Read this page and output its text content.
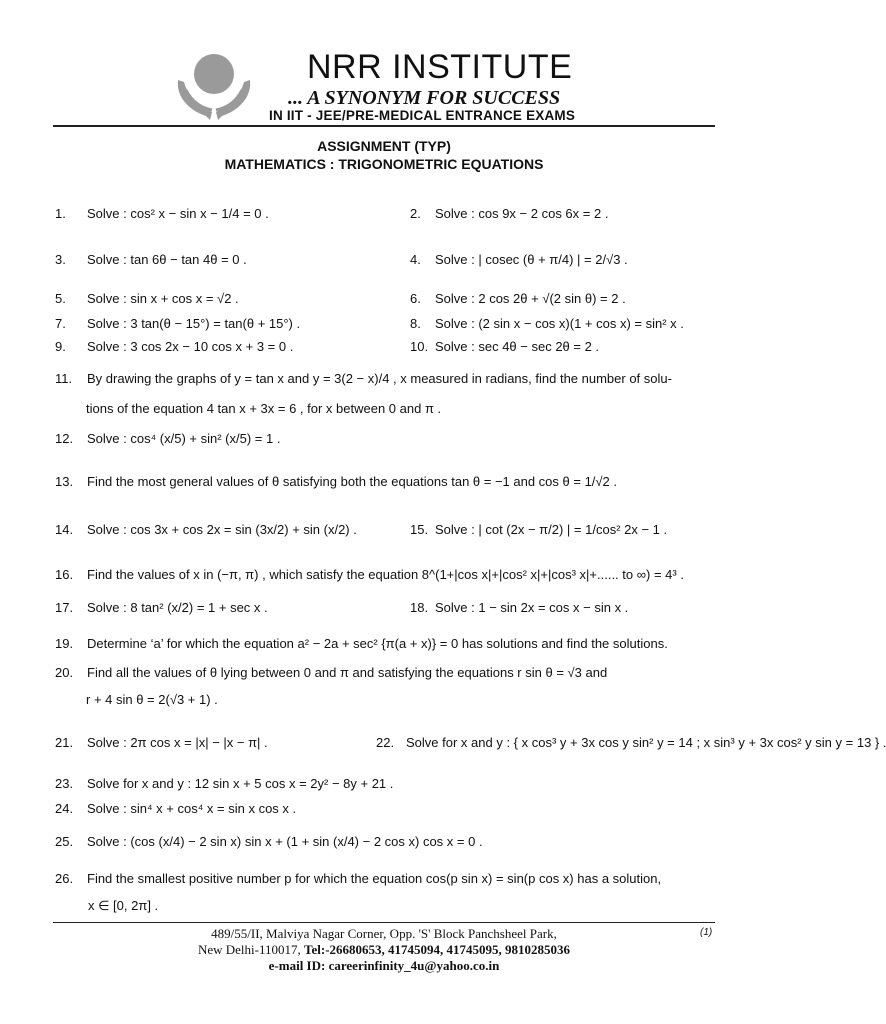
NRR INSTITUTE
... A SYNONYM FOR SUCCESS
IN IIT - JEE/PRE-MEDICAL ENTRANCE EXAMS
ASSIGNMENT (TYP)
MATHEMATICS : TRIGONOMETRIC EQUATIONS
1. Solve : cos² x − sin x − 1/4 = 0 .	2. Solve : cos 9x − 2 cos 6x = 2 .
3. Solve : tan 6θ − tan 4θ = 0 .	4. Solve : | cosec (θ + π/4) | = 2/√3 .
5. Solve : sin x + cos x = √2 .	6. Solve : 2 cos 2θ + √(2 sin θ) = 2 .
7. Solve : 3 tan(θ − 15°) = tan(θ + 15°) .	8. Solve : (2 sin x − cos x)(1 + cos x) = sin² x .
9. Solve : 3 cos 2x − 10 cos x + 3 = 0 .	10. Solve : sec 4θ − sec 2θ = 2 .
11. By drawing the graphs of y = tan x and y = 3(2 − x)/4 , x measured in radians, find the number of solu-
tions of the equation 4 tan x + 3x = 6 , for x between 0 and π .
12. Solve : cos⁴ (x/5) + sin² (x/5) = 1 .
13. Find the most general values of θ satisfying both the equations tan θ = −1 and cos θ = 1/√2 .
14. Solve : cos 3x + cos 2x = sin (3x/2) + sin (x/2) .	15. Solve : | cot (2x − π/2) | = 1/cos² 2x − 1 .
16. Find the values of x in (−π, π) , which satisfy the equation 8^(1+|cos x|+|cos² x|+|cos³ x|+...... to ∞) = 4³ .
17. Solve : 8 tan² (x/2) = 1 + sec x .	18. Solve : 1 − sin 2x = cos x − sin x .
19. Determine ‘a’ for which the equation a² − 2a + sec² {π(a + x)} = 0 has solutions and find the solutions.
20. Find all the values of θ lying between 0 and π and satisfying the equations r sin θ = √3 and
r + 4 sin θ = 2(√3 + 1) .
21. Solve : 2π cos x = |x| − |x − π| .	22. Solve for x and y : { x cos³ y + 3x cos y sin² y = 14 ; x sin³ y + 3x cos² y sin y = 13 } .
23. Solve for x and y : 12 sin x + 5 cos x = 2y² − 8y + 21 .
24. Solve : sin⁴ x + cos⁴ x = sin x cos x .
25. Solve : (cos (x/4) − 2 sin x) sin x + (1 + sin (x/4) − 2 cos x) cos x = 0 .
26. Find the smallest positive number p for which the equation cos(p sin x) = sin(p cos x) has a solution,
x ∈ [0, 2π] .
(1)
489/55/II, Malviya Nagar Corner, Opp. 'S' Block Panchsheel Park,
New Delhi-110017, Tel:-26680653, 41745094, 41745095, 9810285036
e-mail ID: careerinfinity_4u@yahoo.co.in
